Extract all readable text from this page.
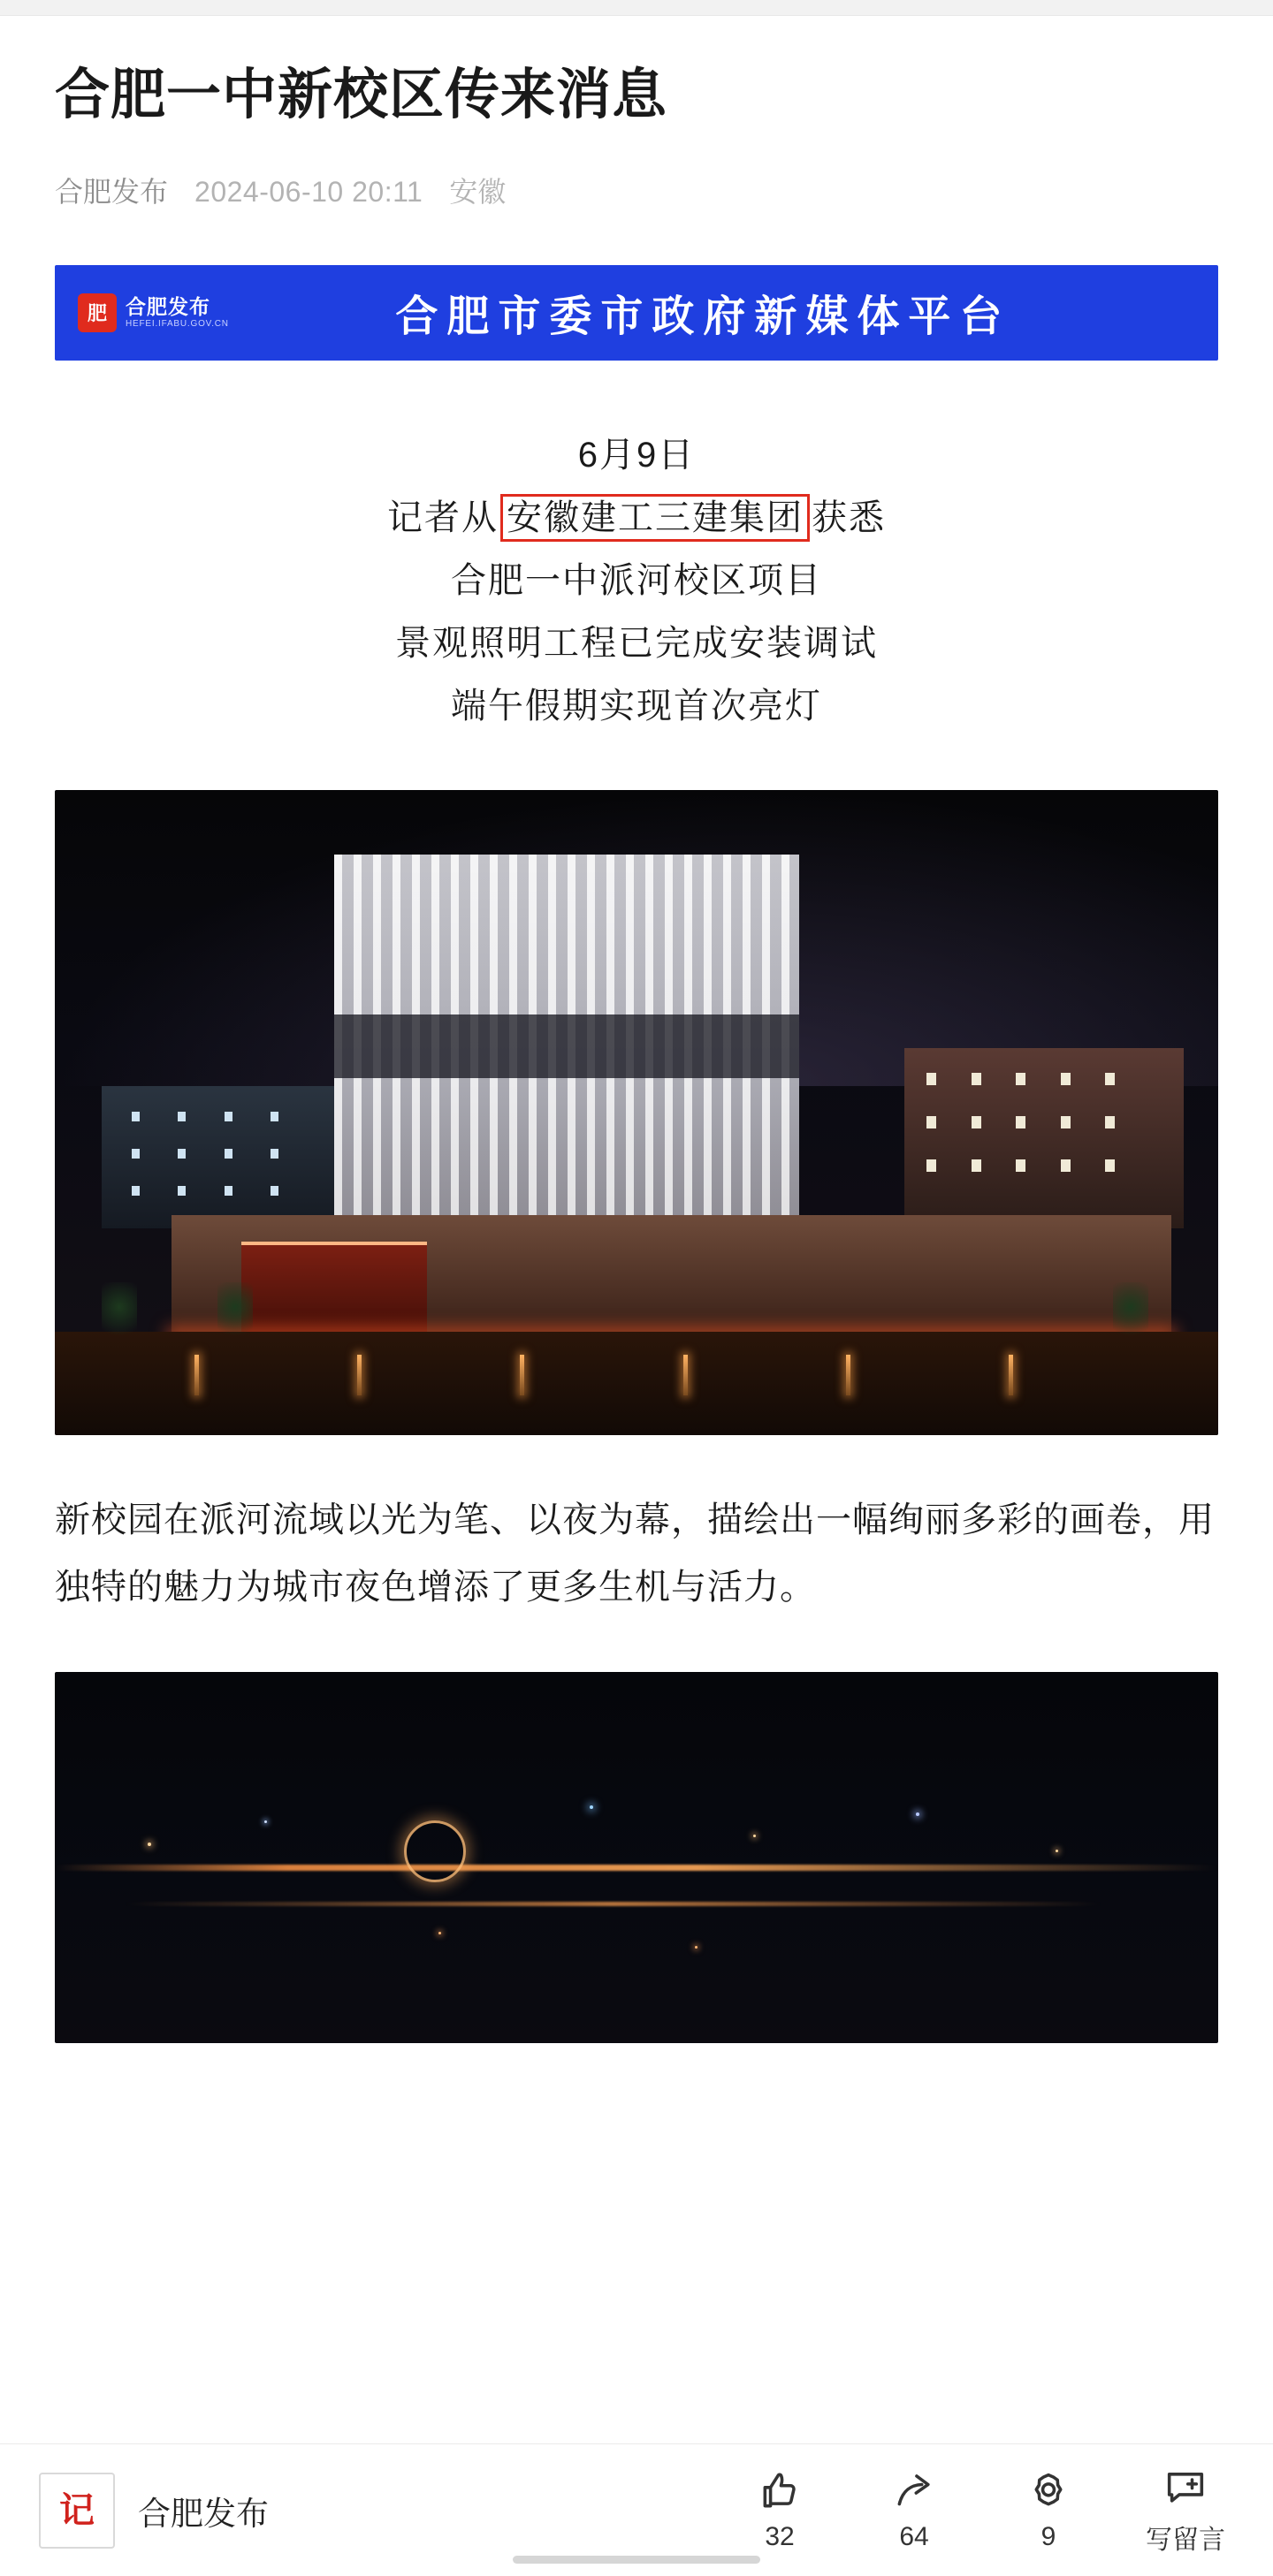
合肥一中新校区传来消息
合肥发布 2024-06-10 20:11 安徽
肥 合肥发布
HEFEI.IFABU.GOV.CN	合肥市委市政府新媒体平台
6月9日
记者从 安徽建工三建集团 获悉
合肥一中派河校区项目
景观照明工程已完成安装调试
端午假期实现首次亮灯

新校园在派河流域以光为笔、以夜为幕，描绘出一幅绚丽多彩的画卷，用独特的魅力为城市夜色增添了更多生机与活力。

记 合肥发布
32	64	9	写留言
